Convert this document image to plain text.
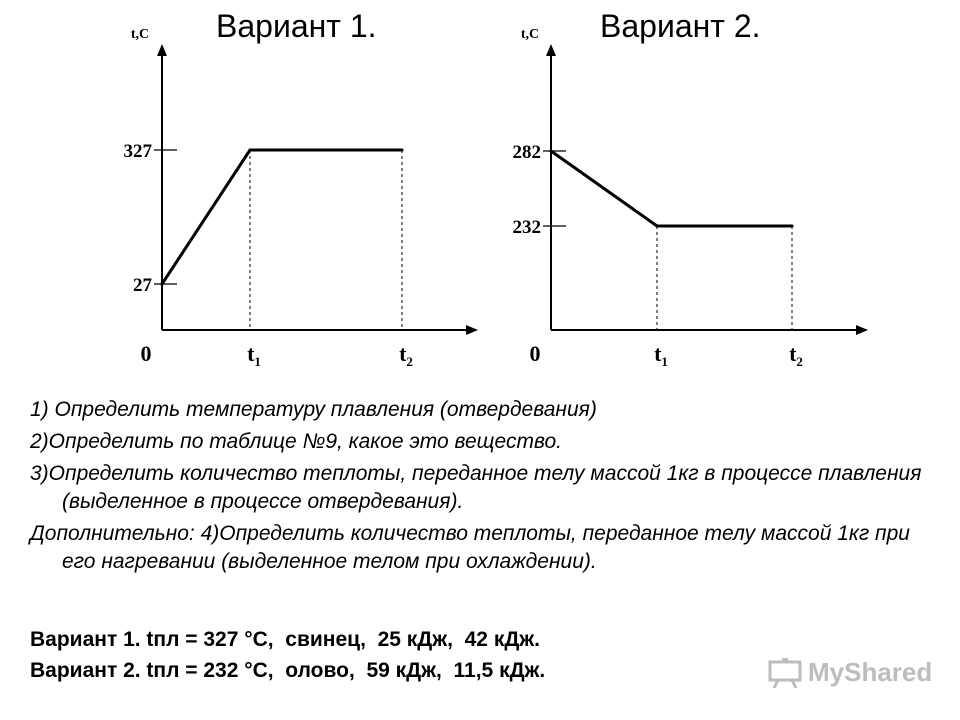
Вариант 1.	Вариант 2.
t,C
27
327
0	$t_1$	$t_2$
t,C
232
282
0	$t_1$	$t_2$

1) Определить температуру плавления (отвердевания)

2)Определить по таблице №9, какое это вещество.

3)Определить количество теплоты, переданное телу массой 1кг в процессе плавления (выделенное в процессе отвердевания).

Дополнительно: 4)Определить количество теплоты, переданное телу массой 1кг при его нагревании (выделенное телом при охлаждении).

Вариант 1. tпл = 327 °С,  свинец,  25 кДж,  42 кДж.
Вариант 2. tпл = 232 °С,  олово,  59 кДж,  11,5 кДж.	MyShared
